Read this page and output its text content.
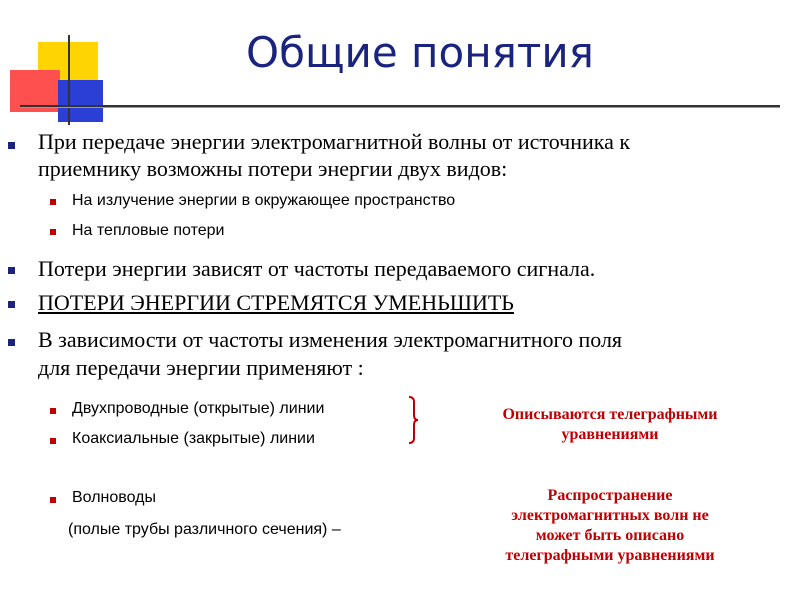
Общие понятия
При передаче энергии электромагнитной волны от источника к
приемнику возможны потери энергии двух видов:
На излучение энергии в окружающее пространство
На тепловые потери
Потери энергии зависят от частоты передаваемого сигнала.
ПОТЕРИ ЭНЕРГИИ СТРЕМЯТСЯ УМЕНЬШИТЬ
В зависимости от частоты изменения электромагнитного поля
для передачи энергии применяют :
Двухпроводные (открытые) линии
Коаксиальные (закрытые) линии
Волноводы
(полые трубы различного сечения) –
Описываются телеграфными
уравнениями
Распространение
электромагнитных волн не
может быть описано
телеграфными уравнениями
